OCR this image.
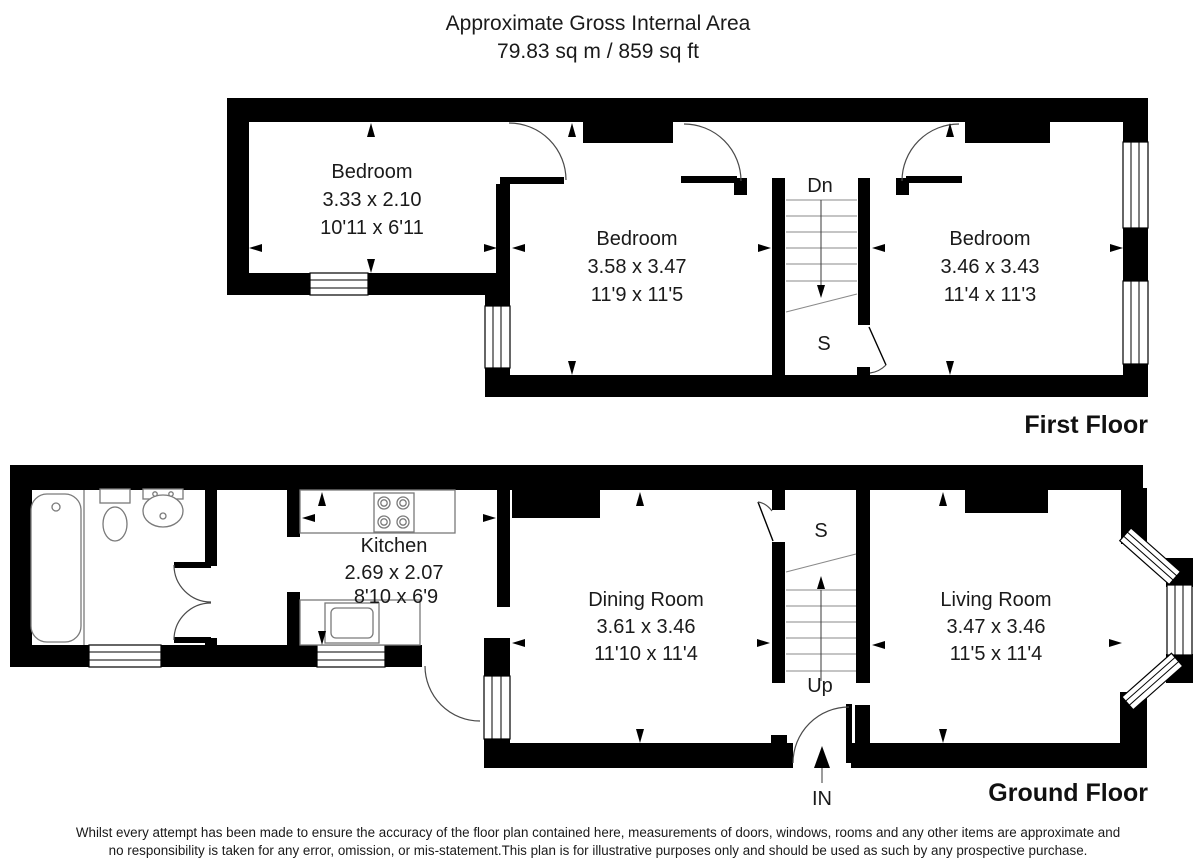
Approximate Gross Internal Area
79.83 sq m / 859 sq ft
Bedroom
3.33 x 2.10
10'11 x 6'11	Bedroom
3.58 x 3.47
11'9 x 11'5
Bedroom
3.46 x 3.43
11'4 x 11'3
Dn
S
First Floor
Kitchen
2.69 x 2.07
8'10 x 6'9	Dining Room
3.61 x 3.46
11'10 x 11'4
Living Room
3.47 x 3.46
11'5 x 11'4
S
Up
IN	Ground Floor
Whilst every attempt has been made to ensure the accuracy of the floor plan contained here, measurements of doors, windows, rooms and any other items are approximate and
no responsibility is taken for any error, omission, or mis-statement.This plan is for illustrative purposes only and should be used as such by any prospective purchase.
